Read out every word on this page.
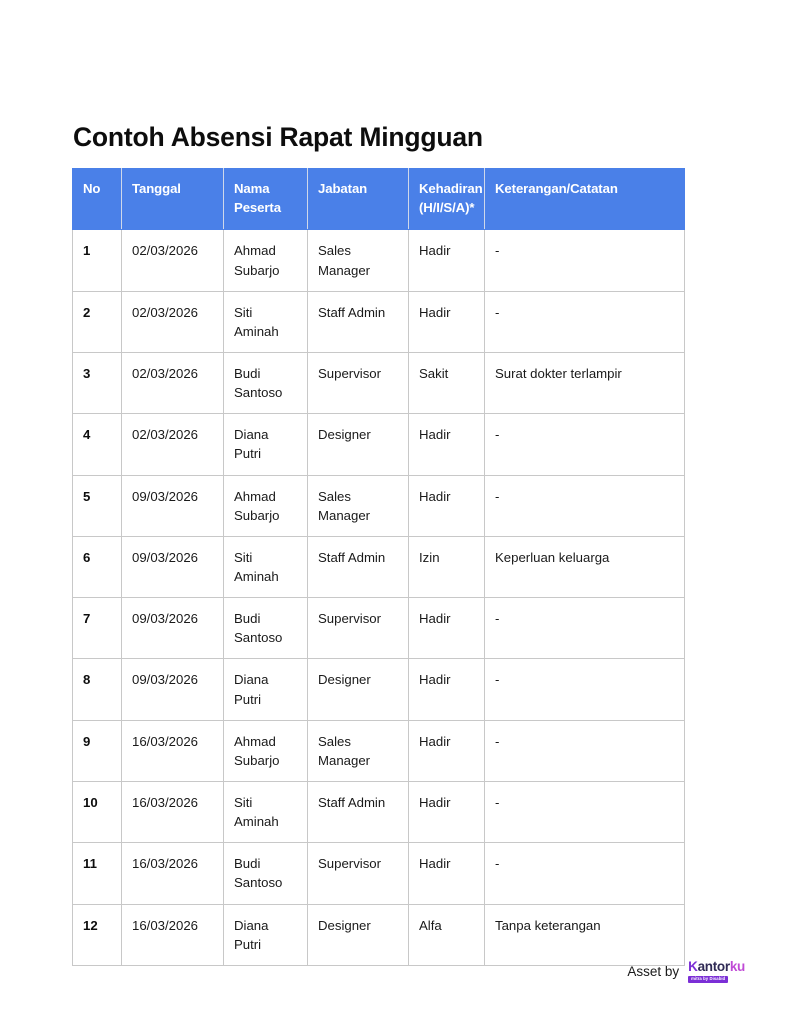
Contoh Absensi Rapat Mingguan
No	Tanggal	Nama Peserta	Jabatan	Kehadiran (H/I/S/A)*	Keterangan/Catatan
1	02/03/2026	Ahmad Subarjo	Sales Manager	Hadir	-
2	02/03/2026	Siti Aminah	Staff Admin	Hadir	-
3	02/03/2026	Budi Santoso	Supervisor	Sakit	Surat dokter terlampir
4	02/03/2026	Diana Putri	Designer	Hadir	-
5	09/03/2026	Ahmad Subarjo	Sales Manager	Hadir	-
6	09/03/2026	Siti Aminah	Staff Admin	Izin	Keperluan keluarga
7	09/03/2026	Budi Santoso	Supervisor	Hadir	-
8	09/03/2026	Diana Putri	Designer	Hadir	-
9	16/03/2026	Ahmad Subarjo	Sales Manager	Hadir	-
10	16/03/2026	Siti Aminah	Staff Admin	Hadir	-
11	16/03/2026	Budi Santoso	Supervisor	Hadir	-
12	16/03/2026	Diana Putri	Designer	Alfa	Tanpa keterangan
Asset by Kantorku
mitra by Disabid
